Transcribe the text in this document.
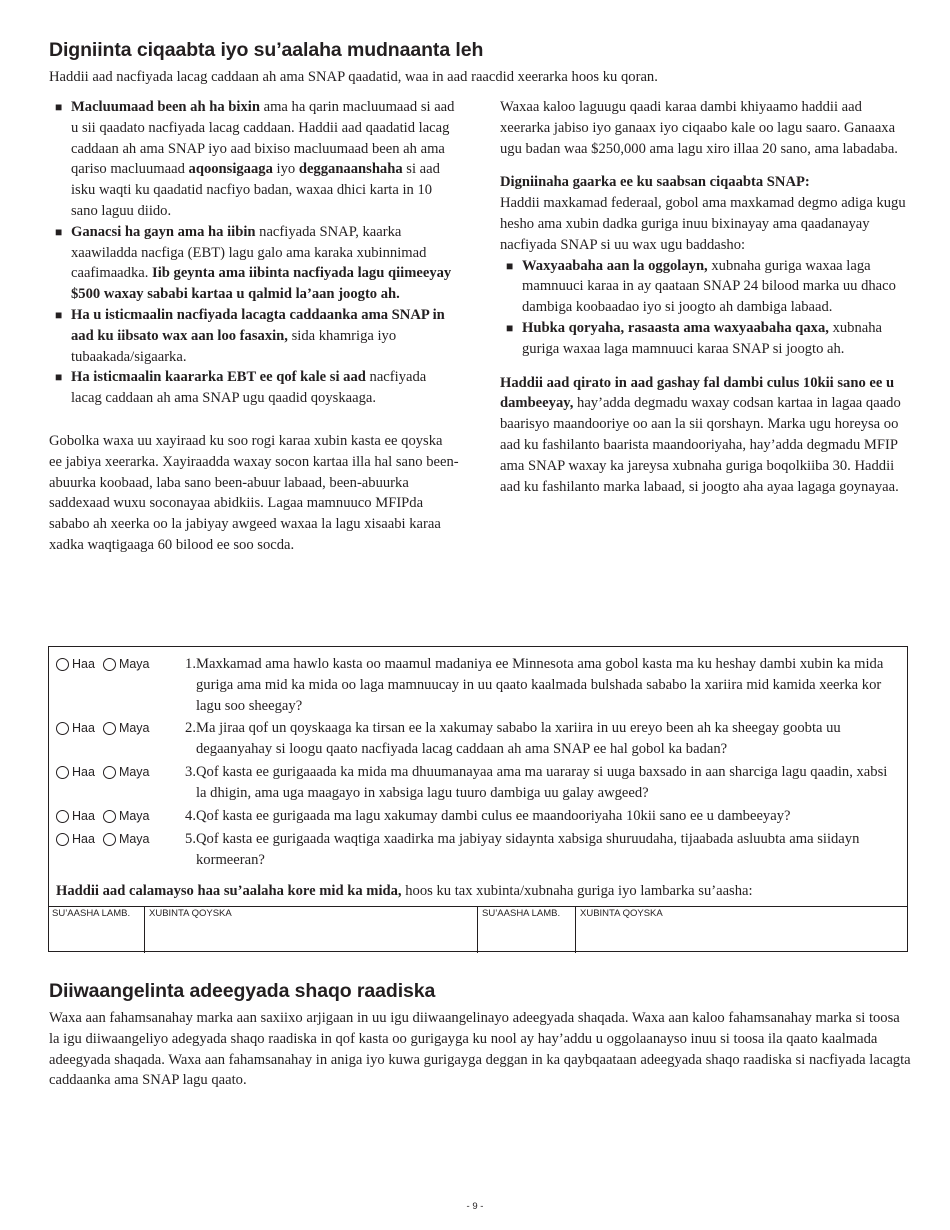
Digniinta ciqaabta iyo su’aalaha mudnaanta leh

Haddii aad nacfiyada lacag caddaan ah ama SNAP qaadatid, waa in aad raacdid xeerarka hoos ku qoran.

■ Macluumaad been ah ha bixin ama ha qarin macluumaad si aad u sii qaadato nacfiyada lacag caddaan. Haddii aad qaadatid lacag caddaan ah ama SNAP iyo aad bixiso macluumaad been ah ama qariso macluumaad aqoonsigaaga iyo degganaanshaha si aad isku waqti ku qaadatid nacfiyo badan, waxaa dhici karta in 10 sano laguu diido.
■ Ganacsi ha gayn ama ha iibin nacfiyada SNAP, kaarka xaawiladda nacfiga (EBT) lagu galo ama karaka xubinnimad caafimaadka. Iib geynta ama iibinta nacfiyada lagu qiimeeyay $500 waxay sababi kartaa u qalmid la’aan joogto ah.
■ Ha u isticmaalin nacfiyada lacagta caddaanka ama SNAP in aad ku iibsato wax aan loo fasaxin, sida khamriga iyo tubaakada/sigaarka.
■ Ha isticmaalin kaararka EBT ee qof kale si aad nacfiyada lacag caddaan ah ama SNAP ugu qaadid qoyskaaga.

Gobolka waxa uu xayiraad ku soo rogi karaa xubin kasta ee qoyska ee jabiya xeerarka. Xayiraadda waxay socon kartaa illa hal sano been-abuurka koobaad, laba sano been-abuur labaad, been-abuurka saddexaad wuxu soconayaa abidkiis. Lagaa mamnuuco MFIPda sababo ah xeerka oo la jabiyay awgeed waxaa la lagu xisaabi karaa xadka waqtigaaga 60 bilood ee soo socda.

Waxaa kaloo laguugu qaadi karaa dambi khiyaamo haddii aad xeerarka jabiso iyo ganaax iyo ciqaabo kale oo lagu saaro. Ganaaxa ugu badan waa $250,000 ama lagu xiro illaa 20 sano, ama labadaba.

Digniinaha gaarka ee ku saabsan ciqaabta SNAP:

Haddii maxkamad federaal, gobol ama maxkamad degmo adiga kugu hesho ama xubin dadka guriga inuu bixinayay ama qaadanayay nacfiyada SNAP si uu wax ugu baddasho:

■ Waxyaabaha aan la oggolayn, xubnaha guriga waxaa laga mamnuuci karaa in ay qaataan SNAP 24 bilood marka uu dhaco dambiga koobaadao iyo si joogto ah dambiga labaad.
■ Hubka qoryaha, rasaasta ama waxyaabaha qaxa, xubnaha guriga waxaa laga mamnuuci karaa SNAP si joogto ah.

Haddii aad qirato in aad gashay fal dambi culus 10kii sano ee u dambeeyay, hay’adda degmadu waxay codsan kartaa in lagaa qaado baarisyo maandooriye oo aan la sii qorshayn. Marka ugu horeysa oo aad ku fashilanto baarista maandooriyaha, hay’adda degmadu MFIP ama SNAP waxay ka jareysa xubnaha guriga boqolkiiba 30. Haddii aad ku fashilanto marka labaad, si joogto aha ayaa lagaga goynayaa.

Haa Maya	1. Maxkamad ama hawlo kasta oo maamul madaniya ee Minnesota ama gobol kasta ma ku heshay dambi xubin ka mida guriga ama mid ka mida oo laga mamnuucay in uu qaato kaalmada bulshada sababo la xariira mid kamida xeerka kor lagu soo sheegay?
Haa Maya	2. Ma jiraa qof un qoyskaaga ka tirsan ee la xakumay sababo la xariira in uu ereyo been ah ka sheegay goobta uu degaanyahay si loogu qaato nacfiyada lacag caddaan ah ama SNAP ee hal gobol ka badan?
Haa Maya	3. Qof kasta ee gurigaaada ka mida ma dhuumanayaa ama ma uararay si uuga baxsado in aan sharciga lagu qaadin, xabsi la dhigin, ama uga maagayo in xabsiga lagu tuuro dambiga uu galay awgeed?
Haa Maya	4. Qof kasta ee gurigaada ma lagu xakumay dambi culus ee maandooriyaha 10kii sano ee u dambeeyay?
Haa Maya	5. Qof kasta ee gurigaada waqtiga xaadirka ma jabiyay sidaynta xabsiga shuruudaha, tijaabada asluubta ama siidayn kormeeran?
Haddii aad calamayso haa su’aalaha kore mid ka mida, hoos ku tax xubinta/xubnaha guriga iyo lambarka su’aasha:
SU’AASHA LAMB.	XUBINTA QOYSKA	SU’AASHA LAMB.	XUBINTA QOYSKA
Diiwaangelinta adeegyada shaqo raadiska

Waxa aan fahamsanahay marka aan saxiixo arjigaan in uu igu diiwaangelinayo adeegyada shaqada. Waxa aan kaloo fahamsanahay marka si toosa la igu diiwaangeliyo adegyada shaqo raadiska in qof kasta oo gurigayga ku nool ay hay’addu u oggolaanayso inuu si toosa ila qaato kaalmada adeegyada shaqada. Waxa aan fahamsanahay in aniga iyo kuwa gurigayga deggan in ka qaybqaataan adeegyada shaqo raadiska si nacfiyada lacagta caddaanka ama SNAP lagu qaato.

- 9 -
